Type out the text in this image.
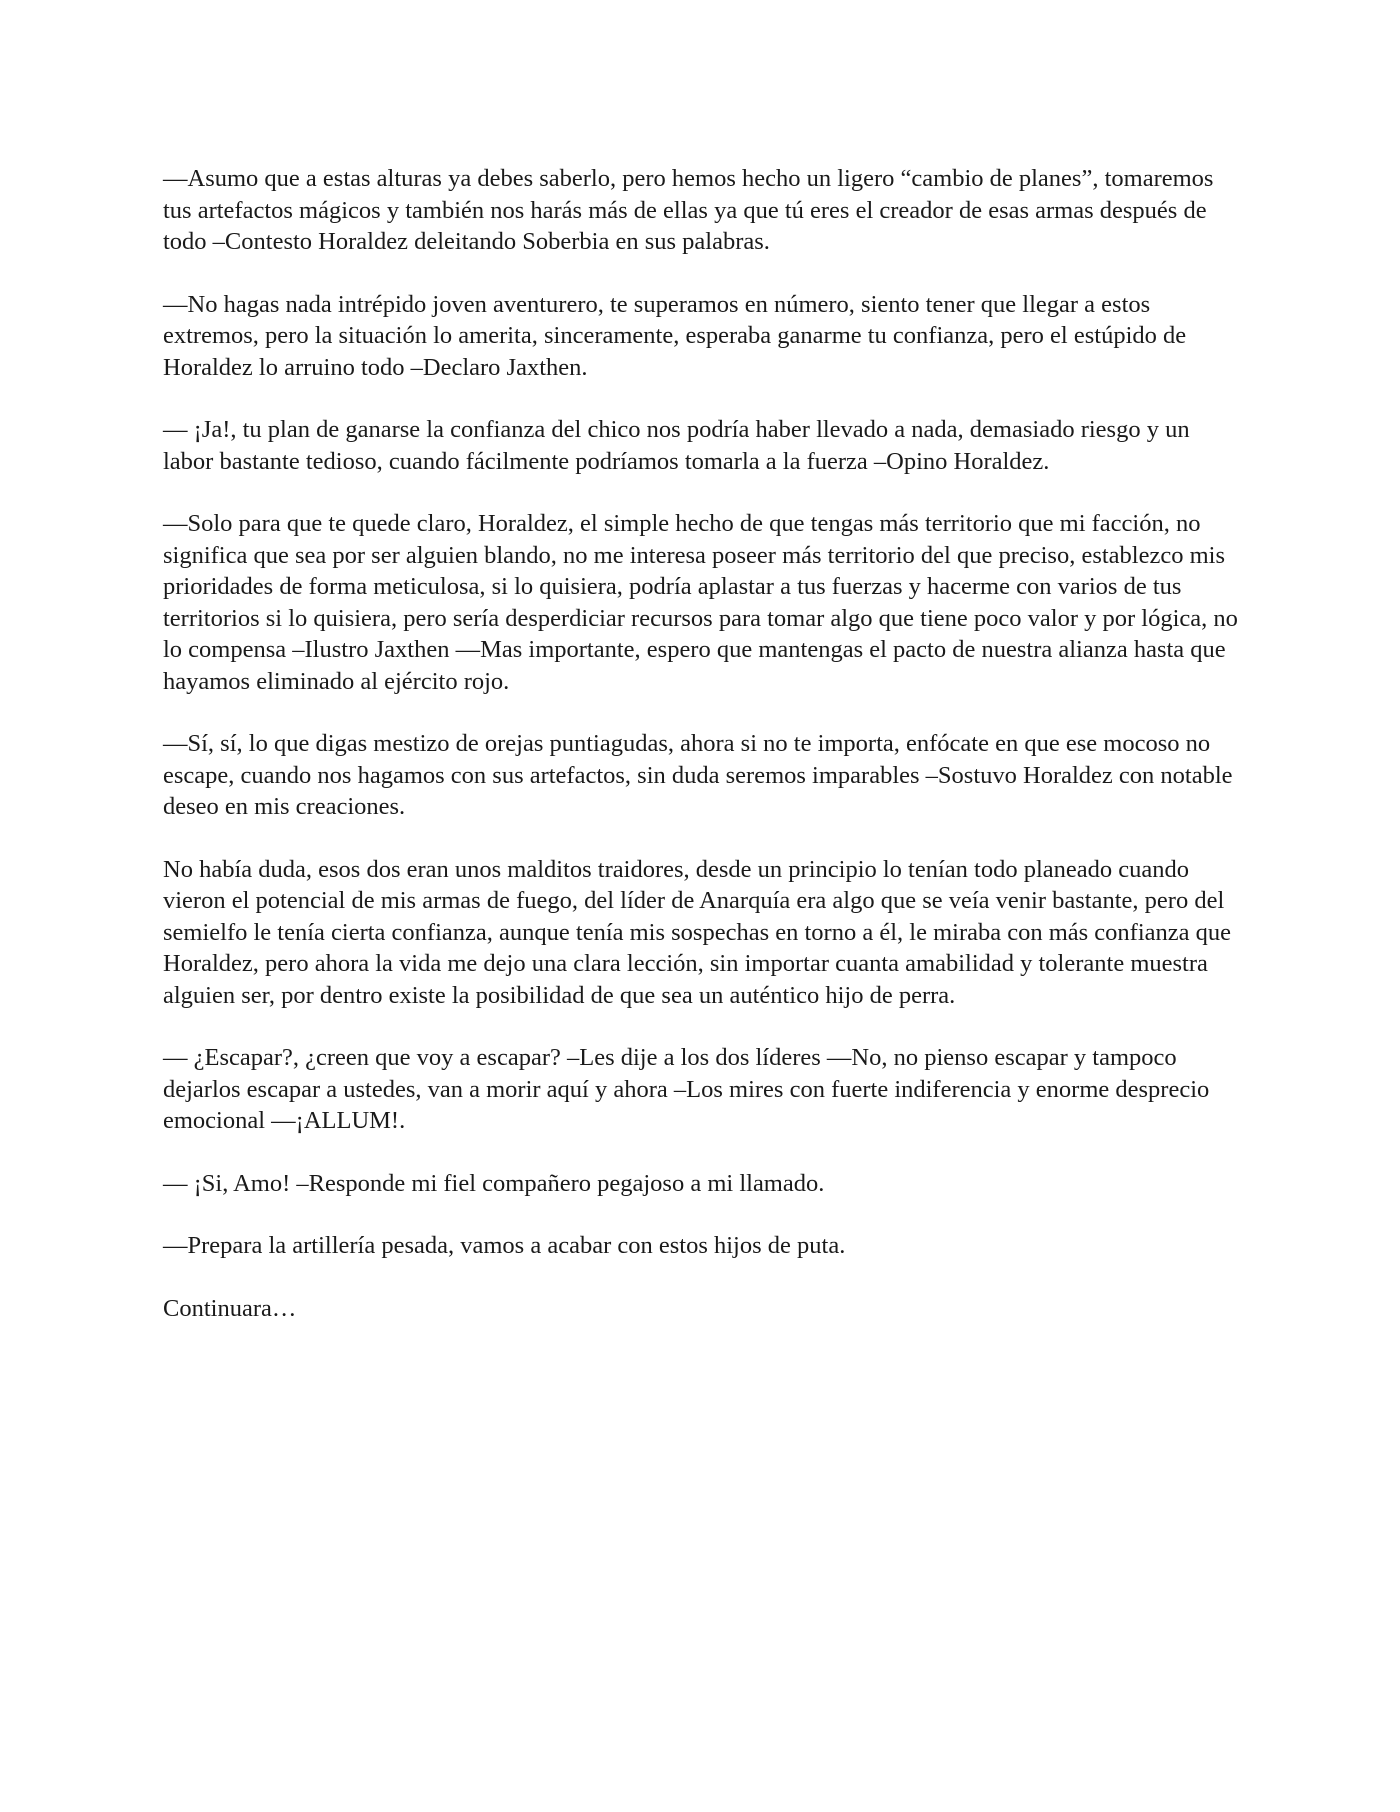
—Asumo que a estas alturas ya debes saberlo, pero hemos hecho un ligero “cambio de planes”, tomaremos tus artefactos mágicos y también nos harás más de ellas ya que tú eres el creador de esas armas después de todo –Contesto Horaldez deleitando Soberbia en sus palabras.

—No hagas nada intrépido joven aventurero, te superamos en número, siento tener que llegar a estos extremos, pero la situación lo amerita, sinceramente, esperaba ganarme tu confianza, pero el estúpido de Horaldez lo arruino todo –Declaro Jaxthen.

— ¡Ja!, tu plan de ganarse la confianza del chico nos podría haber llevado a nada, demasiado riesgo y un labor bastante tedioso, cuando fácilmente podríamos tomarla a la fuerza –Opino Horaldez.

—Solo para que te quede claro, Horaldez, el simple hecho de que tengas más territorio que mi facción, no significa que sea por ser alguien blando, no me interesa poseer más territorio del que preciso, establezco mis prioridades de forma meticulosa, si lo quisiera, podría aplastar a tus fuerzas y hacerme con varios de tus territorios si lo quisiera, pero sería desperdiciar recursos para tomar algo que tiene poco valor y por lógica, no lo compensa –Ilustro Jaxthen —Mas importante, espero que mantengas el pacto de nuestra alianza hasta que hayamos eliminado al ejército rojo.

—Sí, sí, lo que digas mestizo de orejas puntiagudas, ahora si no te importa, enfócate en que ese mocoso no escape, cuando nos hagamos con sus artefactos, sin duda seremos imparables –Sostuvo Horaldez con notable deseo en mis creaciones.

No había duda, esos dos eran unos malditos traidores, desde un principio lo tenían todo planeado cuando vieron el potencial de mis armas de fuego, del líder de Anarquía era algo que se veía venir bastante, pero del semielfo le tenía cierta confianza, aunque tenía mis sospechas en torno a él, le miraba con más confianza que Horaldez, pero ahora la vida me dejo una clara lección, sin importar cuanta amabilidad y tolerante muestra alguien ser, por dentro existe la posibilidad de que sea un auténtico hijo de perra.

— ¿Escapar?, ¿creen que voy a escapar? –Les dije a los dos líderes —No, no pienso escapar y tampoco dejarlos escapar a ustedes, van a morir aquí y ahora –Los mires con fuerte indiferencia y enorme desprecio emocional —¡ALLUM!.

— ¡Si, Amo! –Responde mi fiel compañero pegajoso a mi llamado.

—Prepara la artillería pesada, vamos a acabar con estos hijos de puta.

Continuara…
